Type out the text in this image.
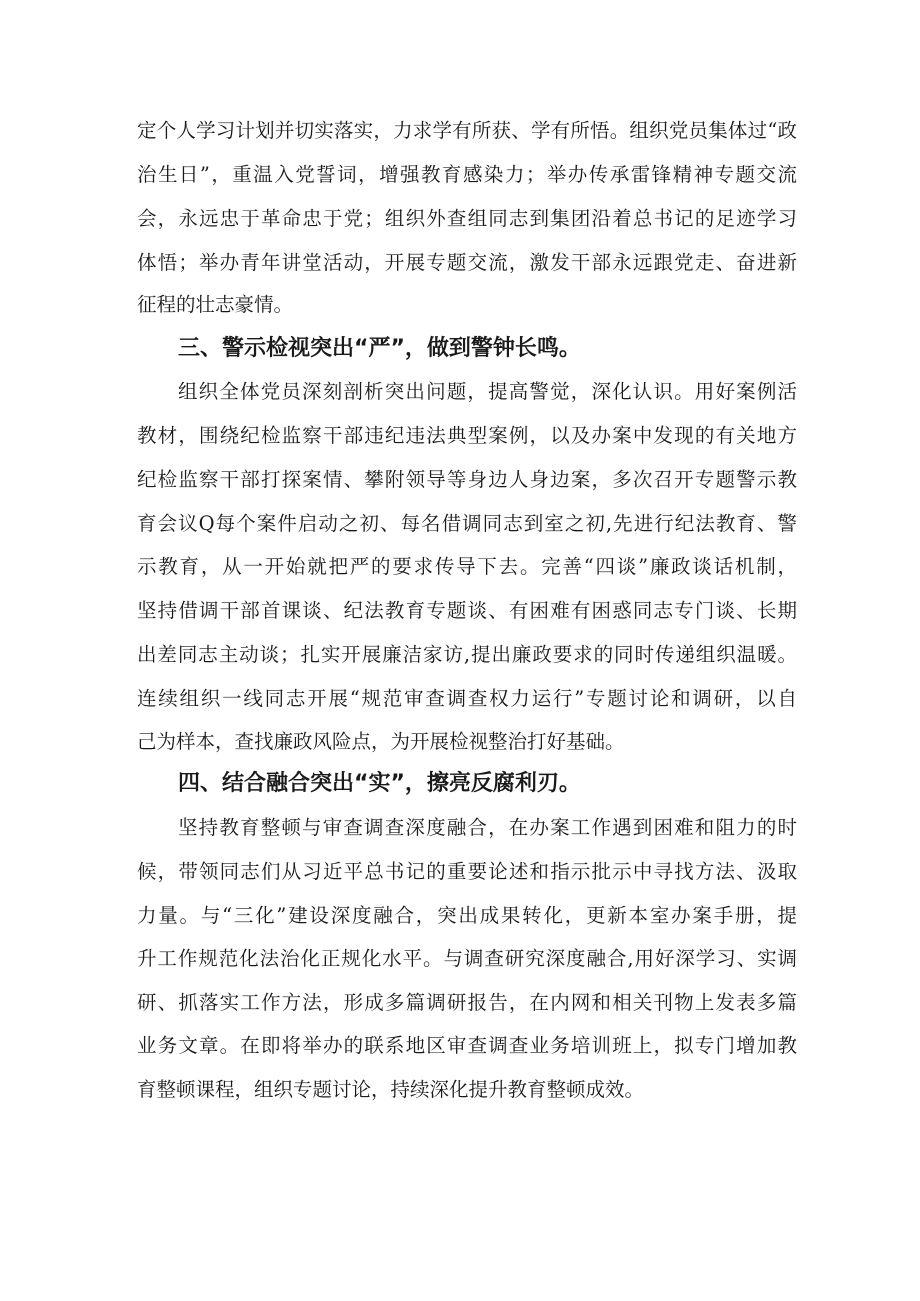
定个人学习计划并切实落实，力求学有所获、学有所悟。组织党员集体过“政
治生日”，重温入党誓词，增强教育感染力；举办传承雷锋精神专题交流
会，永远忠于革命忠于党；组织外查组同志到集团沿着总书记的足迹学习
体悟；举办青年讲堂活动，开展专题交流，激发干部永远跟党走、奋进新
征程的壮志豪情。
三、警示检视突出“严”，做到警钟长鸣。
组织全体党员深刻剖析突出问题，提高警觉，深化认识。用好案例活
教材，围绕纪检监察干部违纪违法典型案例，以及办案中发现的有关地方
纪检监察干部打探案情、攀附领导等身边人身边案，多次召开专题警示教
育会议Q每个案件启动之初、每名借调同志到室之初,先进行纪法教育、警
示教育，从一开始就把严的要求传导下去。完善“四谈”廉政谈话机制，
坚持借调干部首课谈、纪法教育专题谈、有困难有困惑同志专门谈、长期
出差同志主动谈；扎实开展廉洁家访,提出廉政要求的同时传递组织温暖。
连续组织一线同志开展“规范审查调查权力运行”专题讨论和调研，以自
己为样本，查找廉政风险点，为开展检视整治打好基础。
四、结合融合突出“实”，擦亮反腐利刃。
坚持教育整顿与审查调查深度融合，在办案工作遇到困难和阻力的时
候，带领同志们从习近平总书记的重要论述和指示批示中寻找方法、汲取
力量。与“三化”建设深度融合，突出成果转化，更新本室办案手册，提
升工作规范化法治化正规化水平。与调查研究深度融合,用好深学习、实调
研、抓落实工作方法，形成多篇调研报告，在内网和相关刊物上发表多篇
业务文章。在即将举办的联系地区审查调查业务培训班上，拟专门增加教
育整顿课程，组织专题讨论，持续深化提升教育整顿成效。
